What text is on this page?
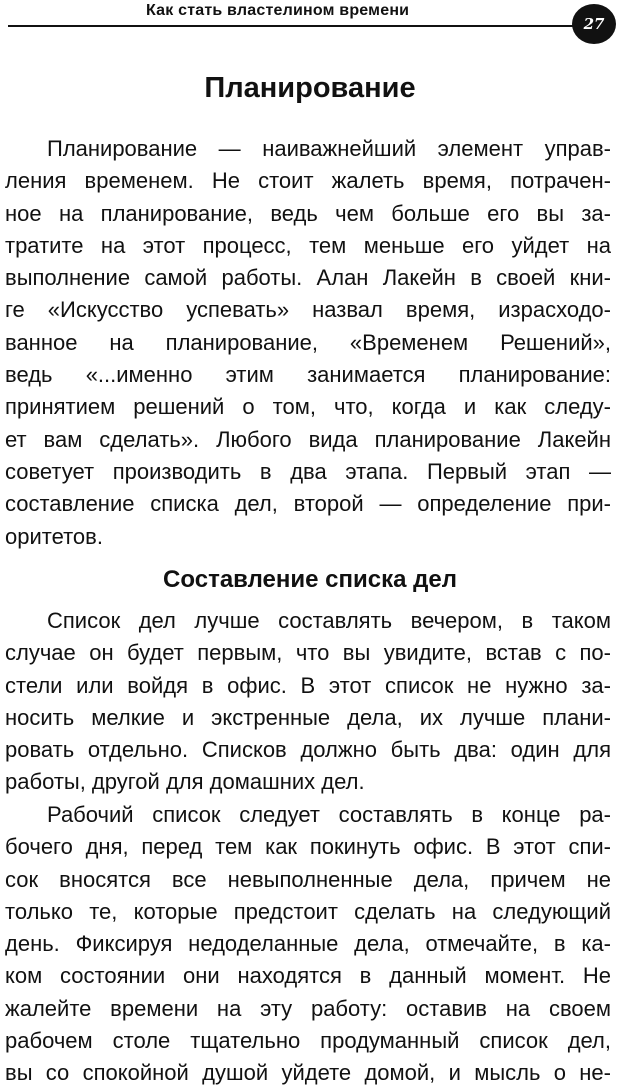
Как стать властелином времени
27
Планирование
Планирование — наиважнейший элемент управ-
ления временем. Не стоит жалеть время, потрачен-
ное на планирование, ведь чем больше его вы за-
тратите на этот процесс, тем меньше его уйдет на
выполнение самой работы. Алан Лакейн в своей кни-
ге «Искусство успевать» назвал время, израсходо-
ванное на планирование, «Временем Решений»,
ведь «...именно этим занимается планирование:
принятием решений о том, что, когда и как следу-
ет вам сделать». Любого вида планирование Лакейн
советует производить в два этапа. Первый этап —
составление списка дел, второй — определение при-
оритетов.
Составление списка дел
Список дел лучше составлять вечером, в таком
случае он будет первым, что вы увидите, встав с по-
стели или войдя в офис. В этот список не нужно за-
носить мелкие и экстренные дела, их лучше плани-
ровать отдельно. Списков должно быть два: один для
работы, другой для домашних дел.
Рабочий список следует составлять в конце ра-
бочего дня, перед тем как покинуть офис. В этот спи-
сок вносятся все невыполненные дела, причем не
только те, которые предстоит сделать на следующий
день. Фиксируя недоделанные дела, отмечайте, в ка-
ком состоянии они находятся в данный момент. Не
жалейте времени на эту работу: оставив на своем
рабочем столе тщательно продуманный список дел,
вы со спокойной душой уйдете домой, и мысль о не-
